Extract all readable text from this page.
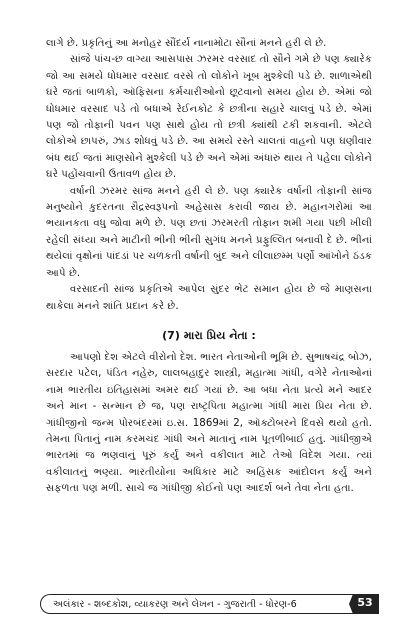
લાગે છે. પ્રકૃતિનું આ મનોહર સૌંદર્ય નાનામોટા સૌનાં મનને હરી લે છે.

સાંજે પાંચ-છ વાગ્યા આસપાસ ઝરમર વરસાદ તો સૌને ગમે છે પણ ક્યારેક જો આ સમયે ધોધમાર વરસાદ વરસે તો લોકોને ખૂબ મુશ્કેલી પડે છે. શાળાએથી ઘરે જતાં બાળકો, ઑફિસના કર્મચારીઓનો છૂટવાનો સમય હોય છે. એમાં જો ધોધમાર વરસાદ પડે તો બધાએ રેઈનકોટ કે છત્રીના સહારે ચાલવું પડે છે. એમાં પણ જો તોફાની પવન પણ સાથે હોય તો છત્રી ક્યાંથી ટકી શકવાની. એટલે લોકોએ છાપરું, ઝાડ શોધવું પડે છે. આ સમયે રસ્તે ચાલતાં વાહનો પણ ઘણીવાર બંધ થઈ જતાં માણસોને મુશ્કેલી પડે છે અને એમાં અંધારું થાય તે પહેલા લોકોને ઘરે પહોંચવાની ઉતાવળ હોય છે.

વર્ષાની ઝરમર સાંજ મનને હરી લે છે. પણ ક્યારેક વર્ષાની તોફાની સાંજ મનુષ્યોને કુદરતના રૌદ્રસ્વરૂપનો અહેસાસ કરાવી જાય છે. મહાનગરોમાં આ ભયાનકતા વધુ જોવા મળે છે. પણ છતાં ઝરમરતી તોફાન શમી ગયા પછી ખીલી રહેલી સંધ્યા અને માટીની ભીની ભીની સુગંધ મનને પ્રફુલ્લિત બનાવી દે છે. ભીનાં થયેલાં વૃક્ષોનાં પાંદડાં પર ચળકતી વર્ષાની બુંદ અને લીલાછમ્મ પર્ણો આંખોને ઠંડક આપે છે.

વરસાદની સાંજ પ્રકૃતિએ આપેલ સુંદર ભેટ સમાન હોય છે જે માણસના થાકેલા મનને શાંતિ પ્રદાન કરે છે.

(7) મારા પ્રિય નેતા :

આપણો દેશ એટલે વીરોનો દેશ. ભારત નેતાઓની ભૂમિ છે. સુભાષચંદ્ર બોઝ, સરદાર પટેલ, પંડિત નહેરુ, લાલબહાદુર શાસ્ત્રી, મહાત્મા ગાંધી, વગેરે નેતાઓનાં નામ ભારતીય ઇતિહાસમાં અમર થઈ ગયાં છે. આ બધા નેતા પ્રત્યે મને આદર અને માન - સન્માન છે જ, પણ રાષ્ટ્રપિતા મહાત્મા ગાંધી મારા પ્રિય નેતા છે. ગાંધીજીનો જન્મ પોરબંદરમાં ઇ.સ. 1869માં 2, ઑક્ટોબરને દિવસે થયો હતો. તેમના પિતાનું નામ કરમચંદ ગાંધી અને માતાનું નામ પૂતળીબાઈ હતું. ગાંધીજીએ ભારતમાં જ ભણવાનું પૂરું કર્યું અને વકીલાત માટે તેઓ વિદેશ ગયા. ત્યાં વકીલાતનું ભણ્યા. ભારતીયોના અધિકાર માટે અહિંસક આંદોલન કર્યું અને સફળતા પણ મળી. સાચે જ ગાંધીજી કોઈનો પણ આદર્શ બને તેવા નેતા હતા.

અલંકાર - શબ્દકોશ, વ્યાકરણ અને લેખન - ગુજરાતી - ધોરણ-6	53
